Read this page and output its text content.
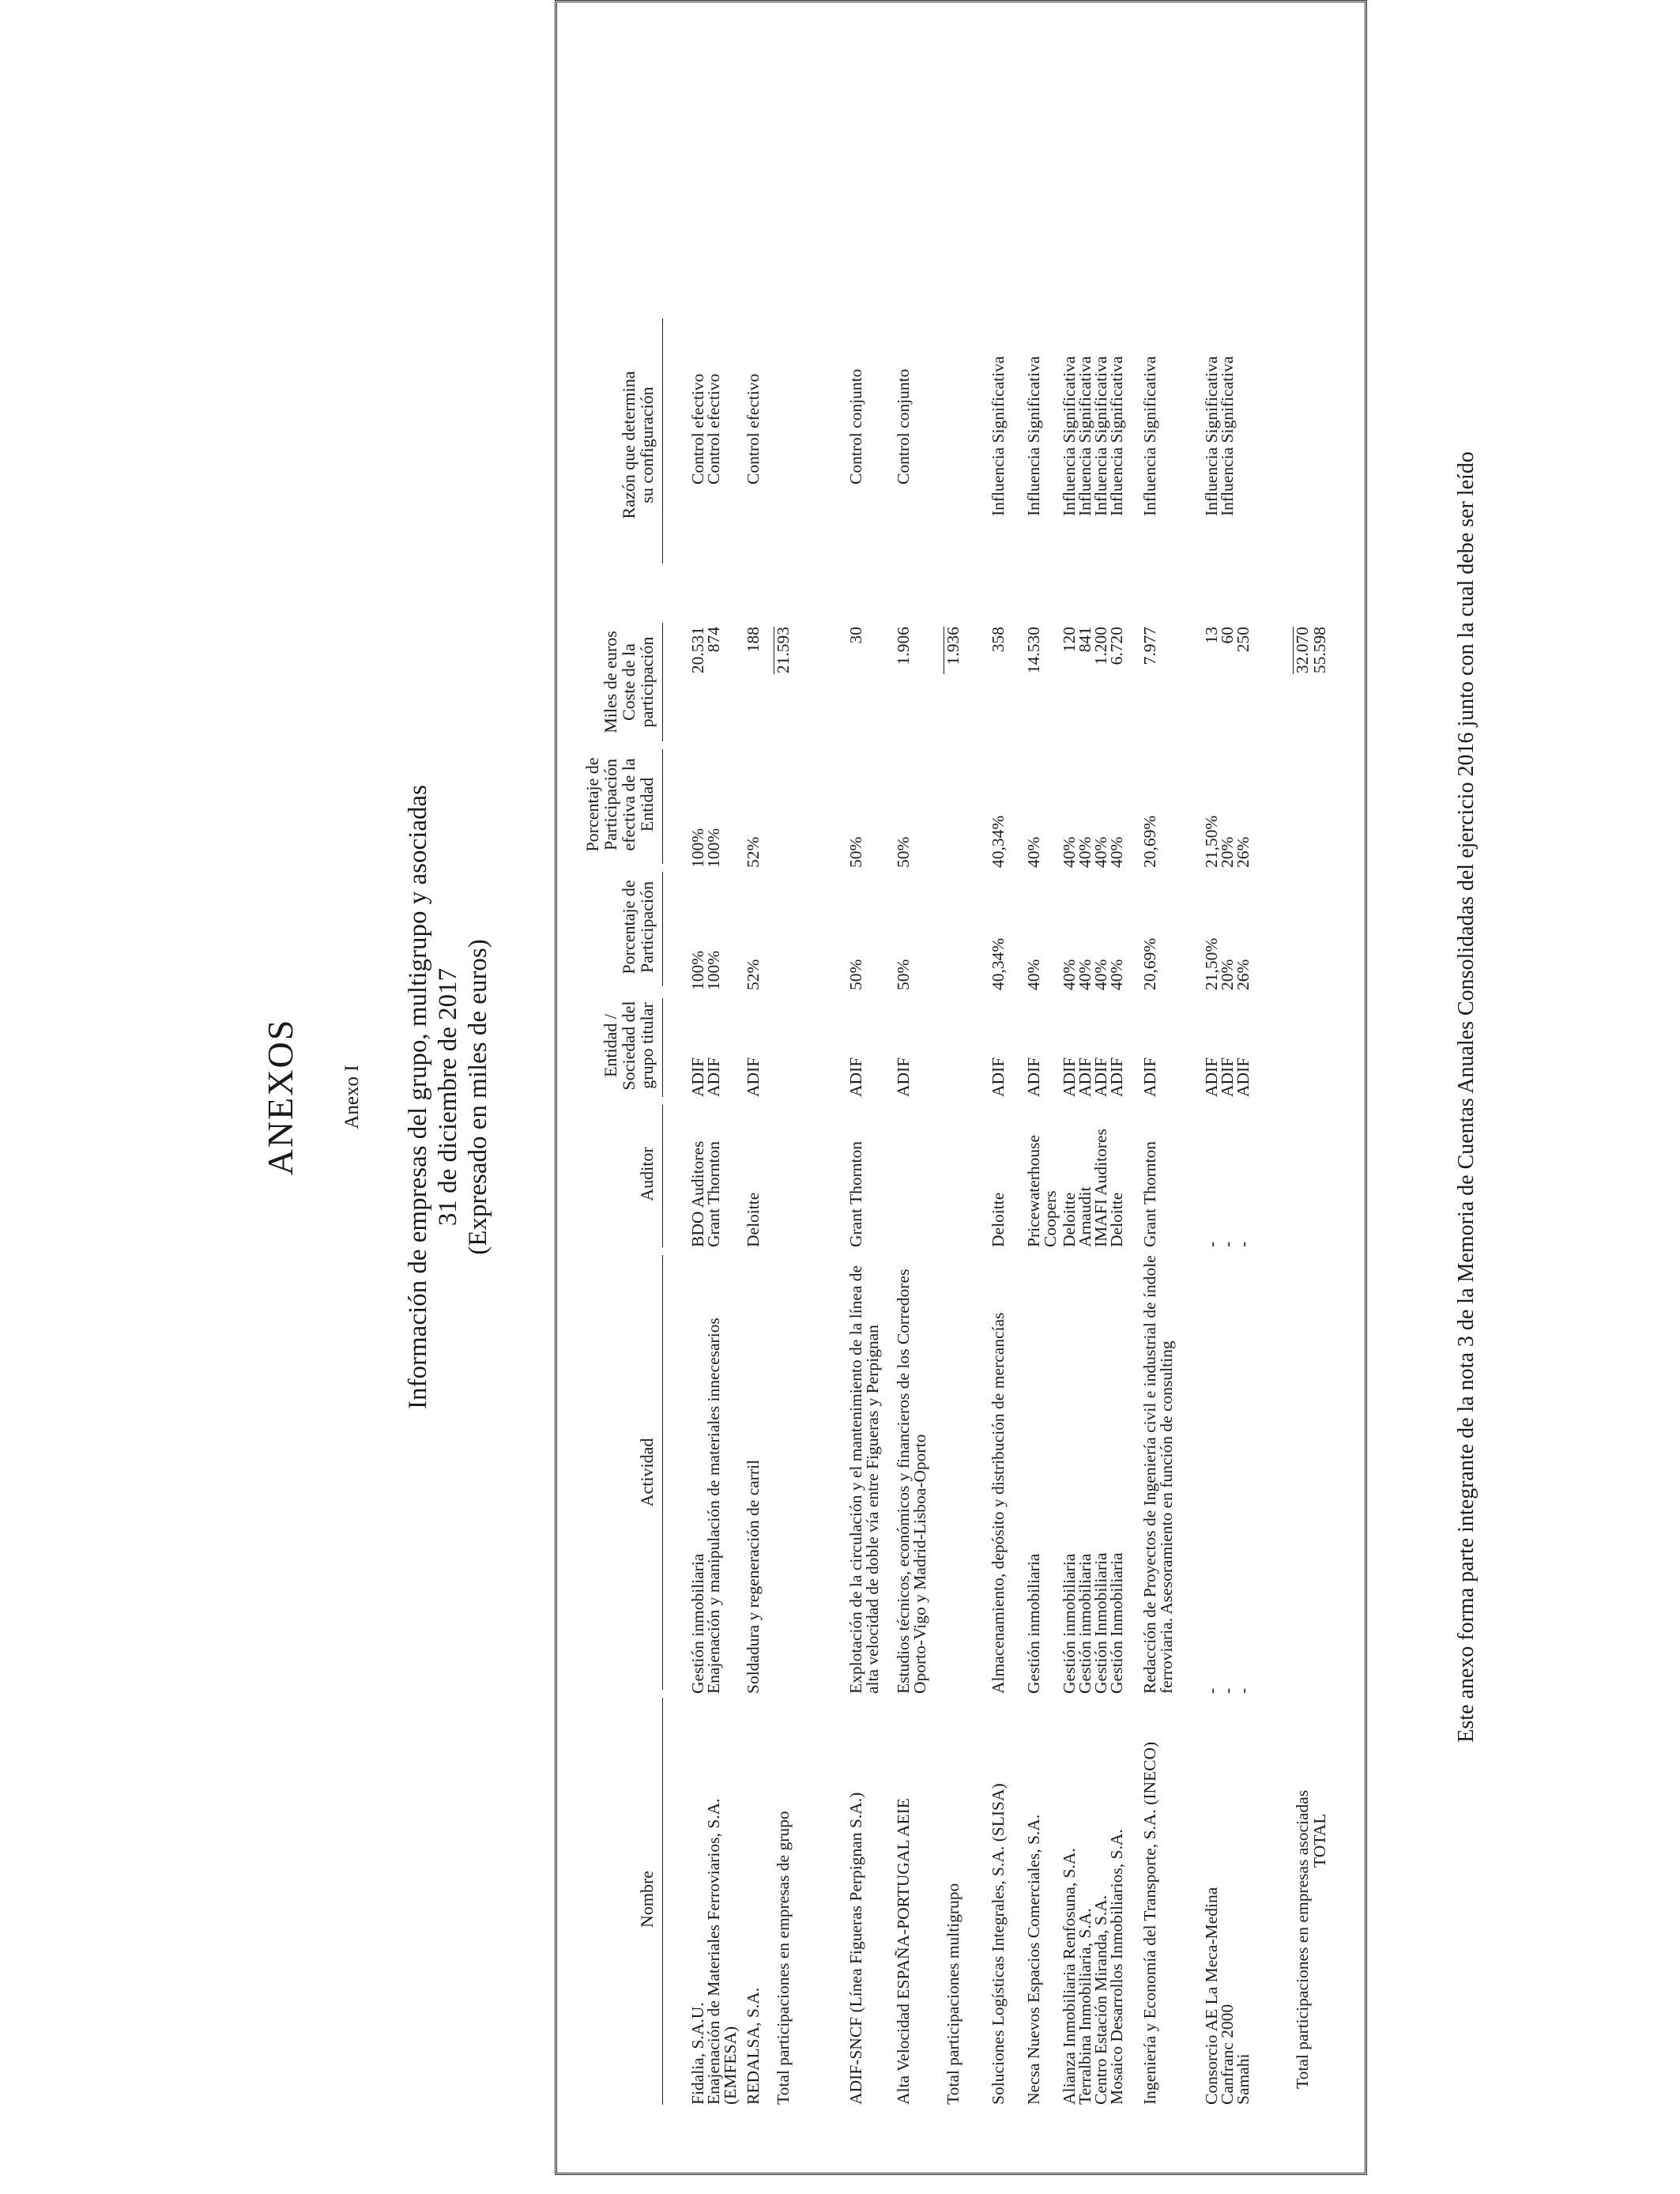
ANEXOS Anexo I Información de empresas del grupo, multigrupo y asociadas 31 de diciembre de 2017 (Expresado en miles de euros)
Nombre
Actividad
Auditor
Entidad /
Sociedad del
grupo titular
Porcentaje de
Participación
Porcentaje de
Participación
efectiva de la
Entidad
Miles de euros
Coste de la
participación
Razón que determina
su configuración
Fidalia, S.A.U.
Gestión inmobiliaria
BDO Auditores
ADIF
100%
100%
20.531
Control efectivo
Enajenación de Materiales Ferroviarios, S.A.
(EMFESA)
Enajenación y manipulación de materiales innecesarios
Grant Thornton
ADIF
100%
100%
874
Control efectivo
REDALSA, S.A.
Soldadura y regeneración de carril
Deloitte
ADIF
52%
52%
188
Control efectivo
Total participaciones en empresas de grupo
21.593
ADIF-SNCF (Línea Figueras Perpignan S.A.)
Explotación de la circulación y el mantenimiento de la línea de
alta velocidad de doble vía entre Figueras y Perpignan
Grant Thornton
ADIF
50%
50%
30
Control conjunto
Alta Velocidad ESPAÑA-PORTUGAL AEIE
Estudios técnicos, económicos y financieros de los Corredores
Oporto-Vigo y Madrid-Lisboa-Oporto
ADIF
50%
50%
1.906
Control conjunto
Total participaciones multigrupo
1.936
Soluciones Logísticas Integrales, S.A. (SLISA)
Almacenamiento, depósito y distribución de mercancías
Deloitte
ADIF
40,34%
40,34%
358
Influencia Significativa
Necsa Nuevos Espacios Comerciales, S.A.
Gestión inmobiliaria
Pricewaterhouse
Coopers
ADIF
40%
40%
14.530
Influencia Significativa
Alianza Inmobiliaria Renfosuna, S.A.
Gestión inmobiliaria
Deloitte
ADIF
40%
40%
120
Influencia Significativa
Terralbina Inmobiliaria, S.A.
Gestión inmobiliaria
Arnaudit
ADIF
40%
40%
841
Influencia Significativa
Centro Estación Miranda, S.A.
Gestión Inmobiliaria
IMAFI Auditores
ADIF
40%
40%
1.200
Influencia Significativa
Mosaico Desarrollos Inmobiliarios, S.A.
Gestión Inmobiliaria
Deloitte
ADIF
40%
40%
6.720
Influencia Significativa
Ingeniería y Economía del Transporte, S.A. (INECO)
Redacción de Proyectos de Ingeniería civil e industrial de índole
ferroviaria. Asesoramiento en función de consulting
Grant Thornton
ADIF
20,69%
20,69%
7.977
Influencia Significativa
Consorcio AE La Meca-Medina
-
-
ADIF
21,50%
21,50%
13
Influencia Significativa
Canfranc 2000
-
-
ADIF
20%
20%
60
Influencia Significativa
Samahi
-
-
ADIF
26%
26%
250
Total participaciones en empresas asociadas
32.070
TOTAL
55.598	Este anexo forma parte integrante de la nota 3 de la Memoria de Cuentas Anuales Consolidadas del ejercicio 2016 junto con la cual debe ser leído
